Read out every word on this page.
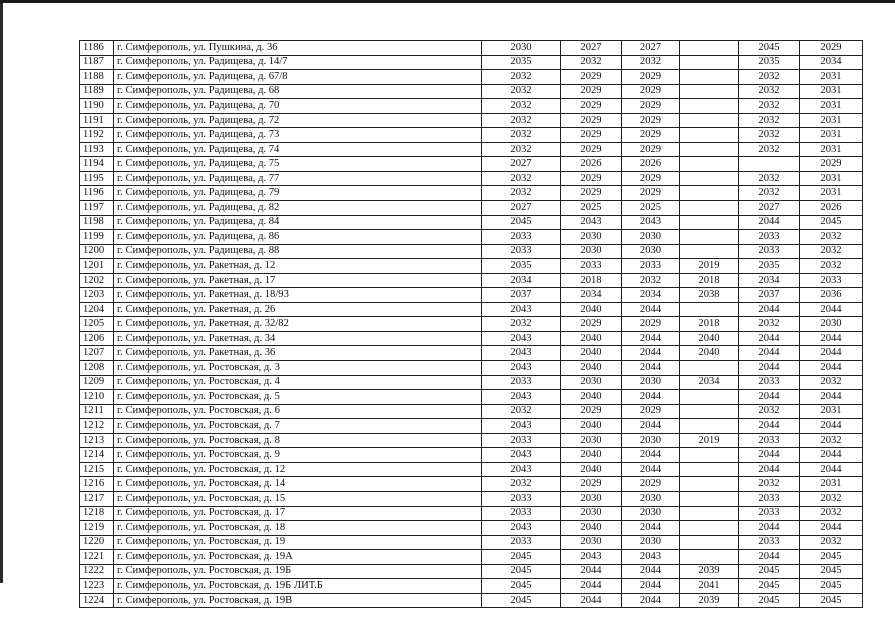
1186	г. Симферополь, ул. Пушкина, д. 36	2030	2027	2027		2045	2029
1187	г. Симферополь, ул. Радищева, д. 14/7	2035	2032	2032		2035	2034
1188	г. Симферополь, ул. Радищева, д. 67/8	2032	2029	2029		2032	2031
1189	г. Симферополь, ул. Радищева, д. 68	2032	2029	2029		2032	2031
1190	г. Симферополь, ул. Радищева, д. 70	2032	2029	2029		2032	2031
1191	г. Симферополь, ул. Радищева, д. 72	2032	2029	2029		2032	2031
1192	г. Симферополь, ул. Радищева, д. 73	2032	2029	2029		2032	2031
1193	г. Симферополь, ул. Радищева, д. 74	2032	2029	2029		2032	2031
1194	г. Симферополь, ул. Радищева, д. 75	2027	2026	2026			2029
1195	г. Симферополь, ул. Радищева, д. 77	2032	2029	2029		2032	2031
1196	г. Симферополь, ул. Радищева, д. 79	2032	2029	2029		2032	2031
1197	г. Симферополь, ул. Радищева, д. 82	2027	2025	2025		2027	2026
1198	г. Симферополь, ул. Радищева, д. 84	2045	2043	2043		2044	2045
1199	г. Симферополь, ул. Радищева, д. 86	2033	2030	2030		2033	2032
1200	г. Симферополь, ул. Радищева, д. 88	2033	2030	2030		2033	2032
1201	г. Симферополь, ул. Ракетная, д. 12	2035	2033	2033	2019	2035	2032
1202	г. Симферополь, ул. Ракетная, д. 17	2034	2018	2032	2018	2034	2033
1203	г. Симферополь, ул. Ракетная, д. 18/93	2037	2034	2034	2038	2037	2036
1204	г. Симферополь, ул. Ракетная, д. 26	2043	2040	2044		2044	2044
1205	г. Симферополь, ул. Ракетная, д. 32/82	2032	2029	2029	2018	2032	2030
1206	г. Симферополь, ул. Ракетная, д. 34	2043	2040	2044	2040	2044	2044
1207	г. Симферополь, ул. Ракетная, д. 36	2043	2040	2044	2040	2044	2044
1208	г. Симферополь, ул. Ростовская, д. 3	2043	2040	2044		2044	2044
1209	г. Симферополь, ул. Ростовская, д. 4	2033	2030	2030	2034	2033	2032
1210	г. Симферополь, ул. Ростовская, д. 5	2043	2040	2044		2044	2044
1211	г. Симферополь, ул. Ростовская, д. 6	2032	2029	2029		2032	2031
1212	г. Симферополь, ул. Ростовская, д. 7	2043	2040	2044		2044	2044
1213	г. Симферополь, ул. Ростовская, д. 8	2033	2030	2030	2019	2033	2032
1214	г. Симферополь, ул. Ростовская, д. 9	2043	2040	2044		2044	2044
1215	г. Симферополь, ул. Ростовская, д. 12	2043	2040	2044		2044	2044
1216	г. Симферополь, ул. Ростовская, д. 14	2032	2029	2029		2032	2031
1217	г. Симферополь, ул. Ростовская, д. 15	2033	2030	2030		2033	2032
1218	г. Симферополь, ул. Ростовская, д. 17	2033	2030	2030		2033	2032
1219	г. Симферополь, ул. Ростовская, д. 18	2043	2040	2044		2044	2044
1220	г. Симферополь, ул. Ростовская, д. 19	2033	2030	2030		2033	2032
1221	г. Симферополь, ул. Ростовская, д. 19А	2045	2043	2043		2044	2045
1222	г. Симферополь, ул. Ростовская, д. 19Б	2045	2044	2044	2039	2045	2045
1223	г. Симферополь, ул. Ростовская, д. 19Б ЛИТ.Б	2045	2044	2044	2041	2045	2045
1224	г. Симферополь, ул. Ростовская, д. 19В	2045	2044	2044	2039	2045	2045
